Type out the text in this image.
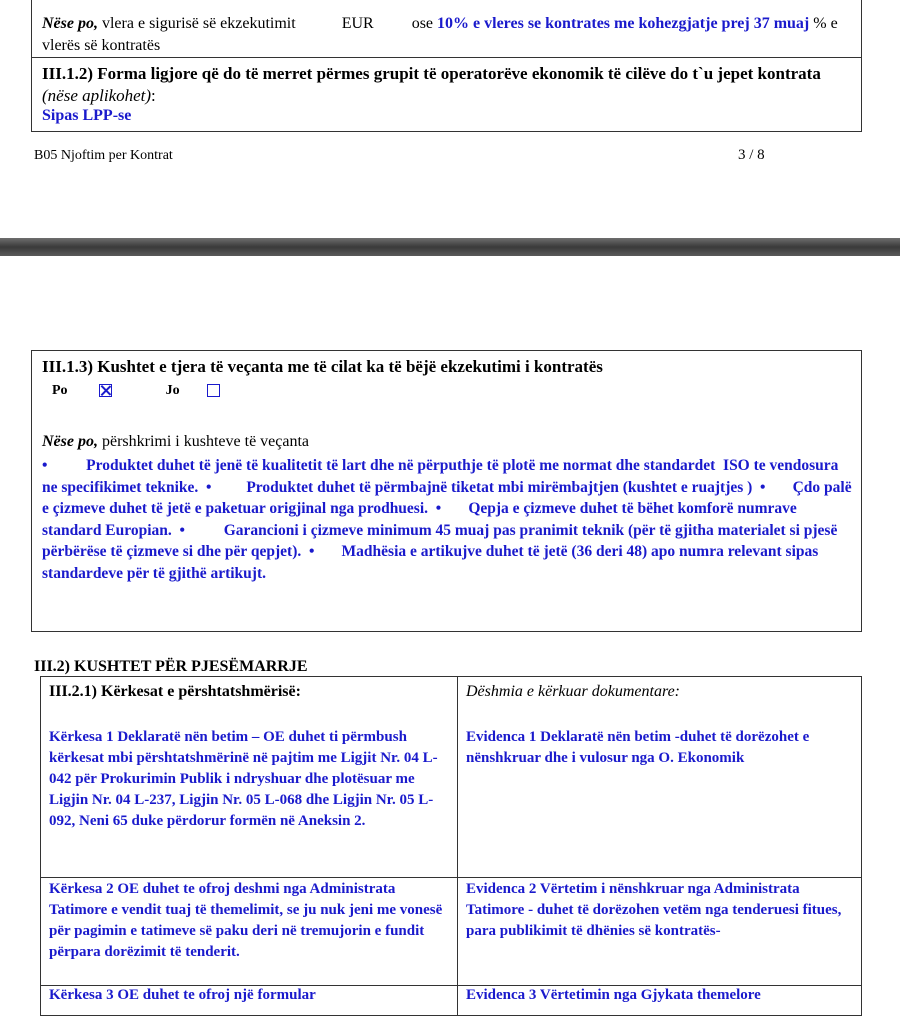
Nëse po, vlera e sigurisë së ekzekutimit	EUR ose 10% e vleres se kontrates me kohezgjatje prej 37 muaj % e vlerës së kontratës
III.1.2) Forma ligjore që do të merret përmes grupit të operatorëve ekonomik të cilëve do t`u jepet kontrata (nëse aplikohet):
Sipas LPP-se
B05 Njoftim per Kontrat	3 / 8
III.1.3) Kushtet e tjera të veçanta me të cilat ka të bëjë ekzekutimi i kontratës
Po	Jo
Nëse po, përshkrimi i kushteve të veçanta
•          Produktet duhet të jenë të kualitetit të lart dhe në përputhje të plotë me normat dhe standardet  ISO te vendosura ne specifikimet teknike.  •         Produktet duhet të përmbajnë tiketat mbi mirëmbajtjen (kushtet e ruajtjes )  •       Çdo palë e çizmeve duhet të jetë e paketuar origjinal nga prodhuesi.  •       Qepja e çizmeve duhet të bëhet komforë numrave standard Europian.  •          Garancioni i çizmeve minimum 45 muaj pas pranimit teknik (për të gjitha materialet si pjesë përbërëse të çizmeve si dhe për qepjet).  •       Madhësia e artikujve duhet të jetë (36 deri 48) apo numra relevant sipas standardeve për të gjithë artikujt.
III.2) KUSHTET PËR PJESËMARRJE
III.2.1) Kërkesat e përshtatshmërisë:	Dëshmia e kërkuar dokumentare:
Kërkesa 1 Deklaratë nën betim – OE duhet ti përmbush kërkesat mbi përshtatshmërinë në pajtim me Ligjit Nr. 04 L- 042 për Prokurimin Publik i ndryshuar dhe plotësuar me Ligjin Nr. 04 L-237, Ligjin Nr. 05 L-068 dhe Ligjin Nr. 05 L-092, Neni 65 duke përdorur formën në Aneksin 2.
Evidenca 1 Deklaratë nën betim -duhet të dorëzohet e nënshkruar dhe i vulosur nga O. Ekonomik
Kërkesa 2 OE duhet te ofroj deshmi nga Administrata Tatimore e vendit tuaj të themelimit, se ju nuk jeni me vonesë për pagimin e tatimeve së paku deri në tremujorin e fundit përpara dorëzimit të tenderit.
Evidenca 2 Vërtetim i nënshkruar nga Administrata Tatimore - duhet të dorëzohen vetëm nga tenderuesi fitues, para publikimit të dhënies së kontratës-
Kërkesa 3 OE duhet te ofroj një formular	Evidenca 3 Vërtetimin nga Gjykata themelore
